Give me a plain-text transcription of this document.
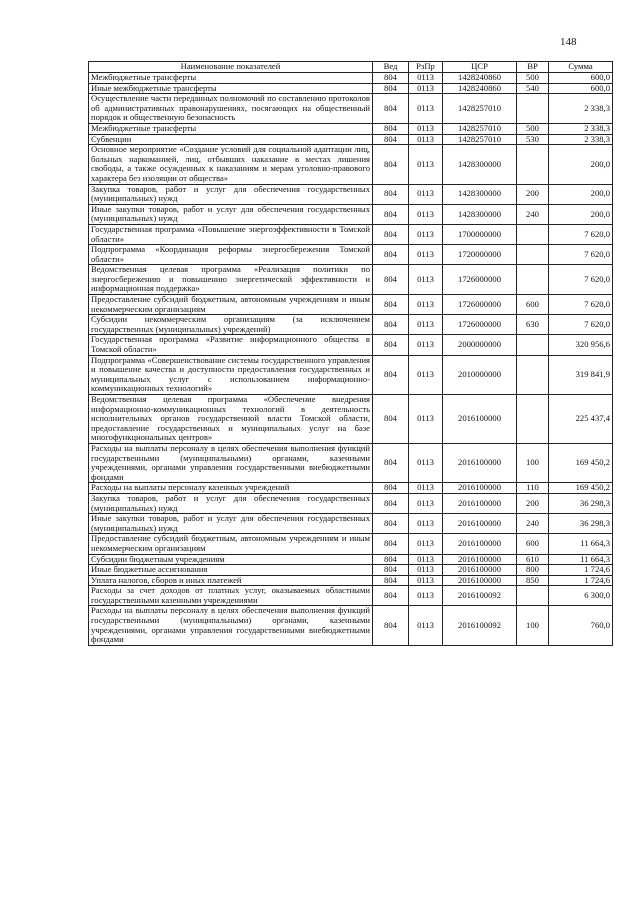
148
Наименование показателей	Вед	РзПр	ЦСР	ВР	Сумма
Межбюджетные трансферты	804	0113	1428240860	500	600,0
Иные межбюджетные трансферты	804	0113	1428240860	540	600,0
Осуществление части переданных полномочий по составлению протоколов об административных правонарушениях, посягающих на общественный порядок и общественную безопасность	804	0113	1428257010		2 338,3
Межбюджетные трансферты	804	0113	1428257010	500	2 338,3
Субвенции	804	0113	1428257010	530	2 338,3
Основное мероприятие «Создание условий для социальной адаптации лиц, больных наркоманией, лиц, отбывших наказание в местах лишения свободы, а также осужденных к наказаниям и мерам уголовно-правового характера без изоляции от общества»	804	0113	1428300000		200,0
Закупка товаров, работ и услуг для обеспечения государственных (муниципальных) нужд	804	0113	1428300000	200	200,0
Иные закупки товаров, работ и услуг для обеспечения государственных (муниципальных) нужд	804	0113	1428300000	240	200,0
Государственная программа «Повышение энергоэффективности в Томской области»	804	0113	1700000000		7 620,0
Подпрограмма «Координация реформы энергосбережения Томской области»	804	0113	1720000000		7 620,0
Ведомственная целевая программа «Реализация политики по энергосбережению и повышению энергетической эффективности и информационная поддержка»	804	0113	1726000000		7 620,0
Предоставление субсидий бюджетным, автономным учреждениям и иным некоммерческим организациям	804	0113	1726000000	600	7 620,0
Субсидии некоммерческим организациям (за исключением государственных (муниципальных) учреждений)	804	0113	1726000000	630	7 620,0
Государственная программа «Развитие информационного общества в Томской области»	804	0113	2000000000		320 956,6
Подпрограмма «Совершенствование системы государственного управления и повышение качества и доступности предоставления государственных и муниципальных услуг с использованием информационно-коммуникационных технологий»	804	0113	2010000000		319 841,9
Ведомственная целевая программа «Обеспечение внедрения информационно-коммуникационных технологий в деятельность исполнительных органов государственной власти Томской области, предоставление государственных и муниципальных услуг на базе многофункциональных центров»	804	0113	2016100000		225 437,4
Расходы на выплаты персоналу в целях обеспечения выполнения функций государственными (муниципальными) органами, казенными учреждениями, органами управления государственными внебюджетными фондами	804	0113	2016100000	100	169 450,2
Расходы на выплаты персоналу казенных учреждений	804	0113	2016100000	110	169 450,2
Закупка товаров, работ и услуг для обеспечения государственных (муниципальных) нужд	804	0113	2016100000	200	36 298,3
Иные закупки товаров, работ и услуг для обеспечения государственных (муниципальных) нужд	804	0113	2016100000	240	36 298,3
Предоставление субсидий бюджетным, автономным учреждениям и иным некоммерческим организациям	804	0113	2016100000	600	11 664,3
Субсидии бюджетным учреждениям	804	0113	2016100000	610	11 664,3
Иные бюджетные ассигнования	804	0113	2016100000	800	1 724,6
Уплата налогов, сборов и иных платежей	804	0113	2016100000	850	1 724,6
Расходы за счет доходов от платных услуг, оказываемых областными государственными казенными учреждениями	804	0113	2016100092		6 300,0
Расходы на выплаты персоналу в целях обеспечения выполнения функций государственными (муниципальными) органами, казенными учреждениями, органами управления государственными внебюджетными фондами	804	0113	2016100092	100	760,0
